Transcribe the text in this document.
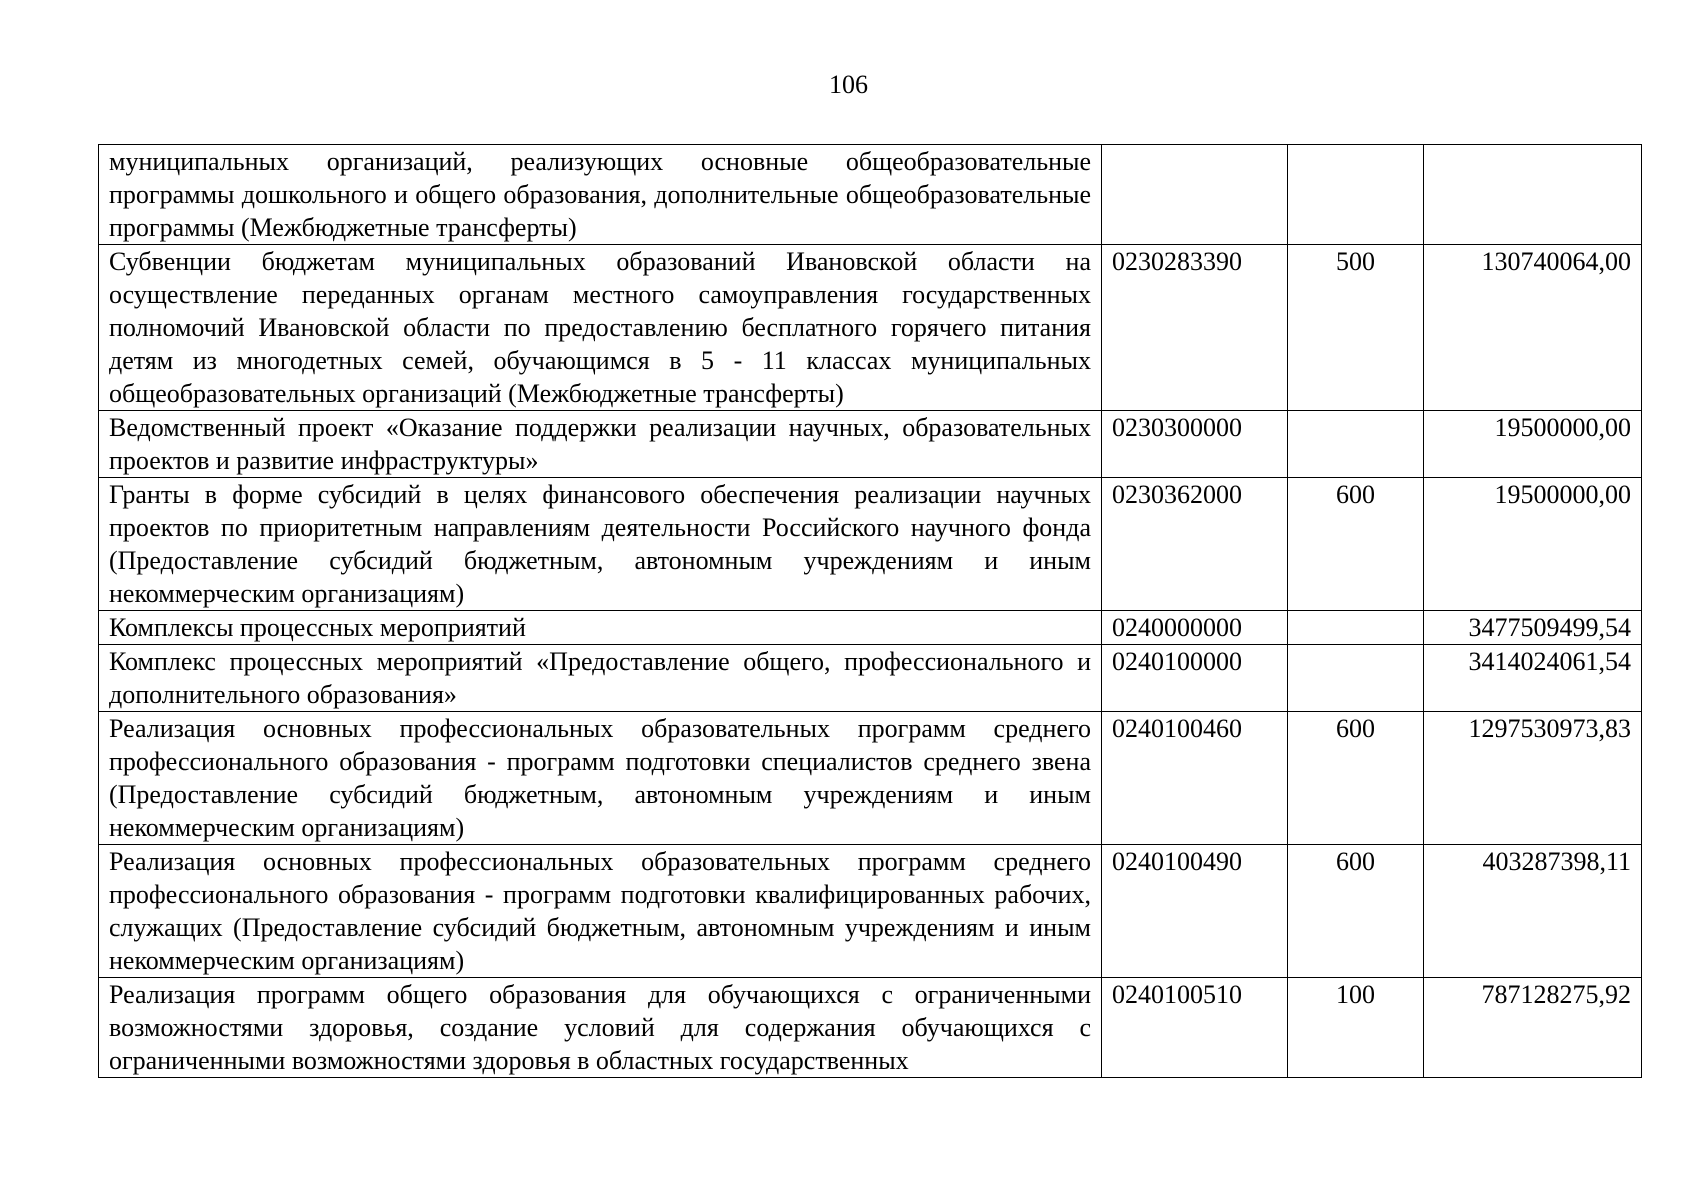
106
муниципальных организаций, реализующих основные общеобразовательные программы дошкольного и общего образования, дополнительные общеобразовательные программы (Межбюджетные трансферты)			
Субвенции бюджетам муниципальных образований Ивановской области на осуществление переданных органам местного самоуправления государственных полномочий Ивановской области по предоставлению бесплатного горячего питания детям из многодетных семей, обучающимся в 5 - 11 классах муниципальных общеобразовательных организаций (Межбюджетные трансферты)	0230283390	500	130740064,00
Ведомственный проект «Оказание поддержки реализации научных, образовательных проектов и развитие инфраструктуры»	0230300000		19500000,00
Гранты в форме субсидий в целях финансового обеспечения реализации научных проектов по приоритетным направлениям деятельности Российского научного фонда (Предоставление субсидий бюджетным, автономным учреждениям и иным некоммерческим организациям)	0230362000	600	19500000,00
Комплексы процессных мероприятий	0240000000		3477509499,54
Комплекс процессных мероприятий «Предоставление общего, профессионального и дополнительного образования»	0240100000		3414024061,54
Реализация основных профессиональных образовательных программ среднего профессионального образования - программ подготовки специалистов среднего звена (Предоставление субсидий бюджетным, автономным учреждениям и иным некоммерческим организациям)	0240100460	600	1297530973,83
Реализация основных профессиональных образовательных программ среднего профессионального образования - программ подготовки квалифицированных рабочих, служащих (Предоставление субсидий бюджетным, автономным учреждениям и иным некоммерческим организациям)	0240100490	600	403287398,11
Реализация программ общего образования для обучающихся с ограниченными возможностями здоровья, создание условий для содержания обучающихся с ограниченными возможностями здоровья в областных государственных	0240100510	100	787128275,92
